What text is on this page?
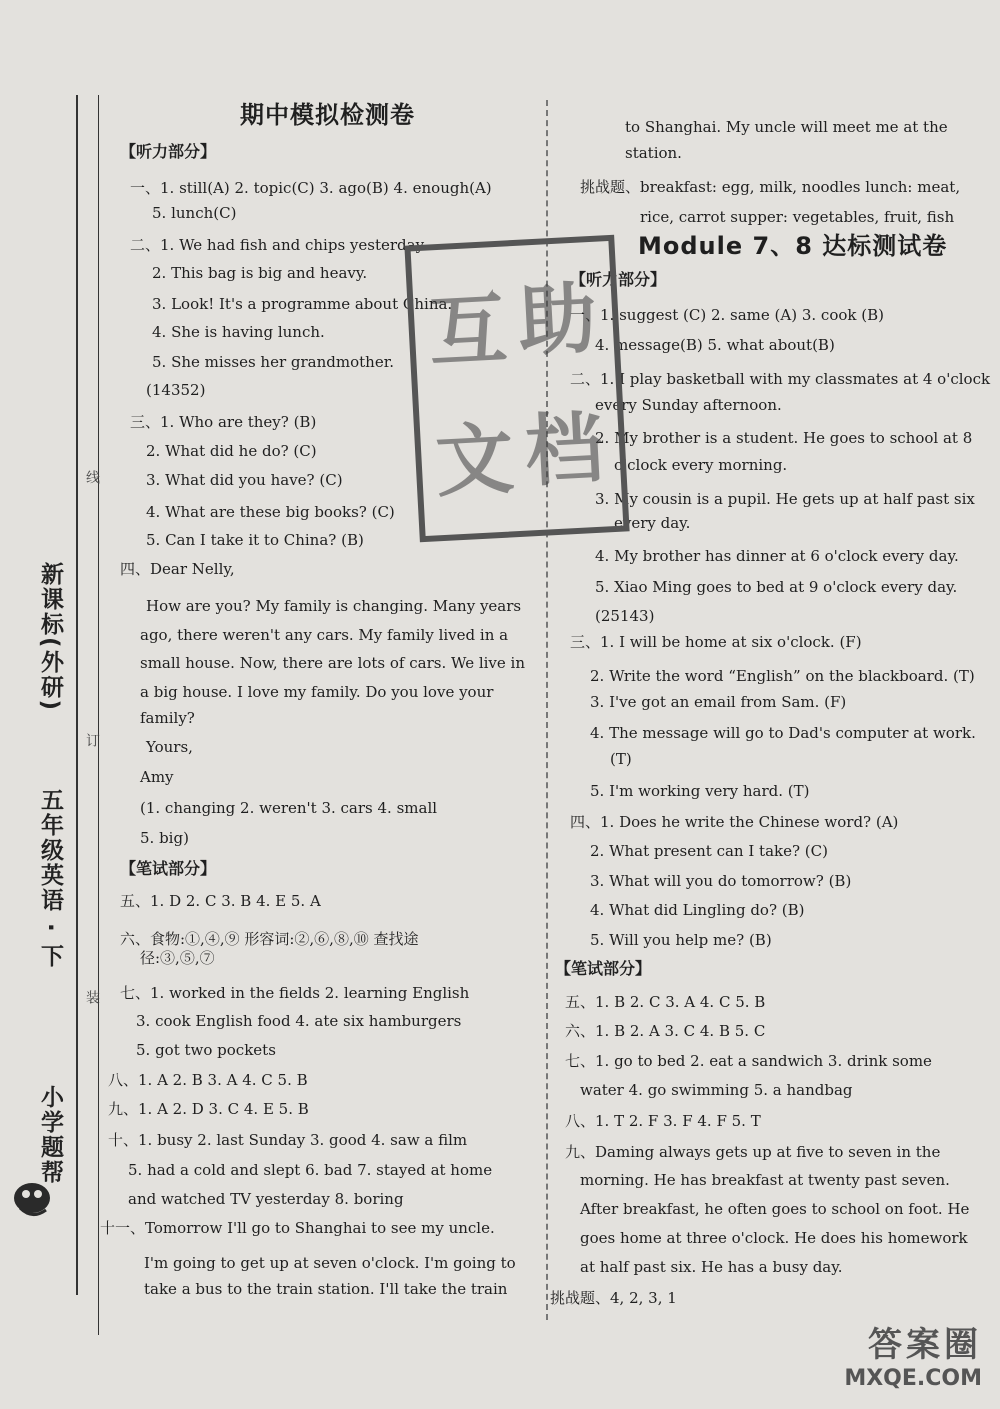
小学题帮
五年级英语 · 下
新课标(外研)
线
订
装
期中模拟检测卷
【听力部分】
一、1. still(A) 2. topic(C) 3. ago(B) 4. enough(A)
5. lunch(C)
二、1. We had fish and chips yesterday.
2. This bag is big and heavy.
3. Look! It's a programme about China.
4. She is having lunch.
5. She misses her grandmother.
(14352)
三、1. Who are they? (B)
2. What did he do? (C)
3. What did you have? (C)
4. What are these big books? (C)
5. Can I take it to China? (B)
四、Dear Nelly,
How are you? My family is changing. Many years
ago, there weren't any cars. My family lived in a
small house. Now, there are lots of cars. We live in
a big house. I love my family. Do you love your
family?
Yours,
Amy
(1. changing 2. weren't 3. cars 4. small
5. big)
【笔试部分】
五、1. D 2. C 3. B 4. E 5. A
六、食物:①,④,⑨ 形容词:②,⑥,⑧,⑩ 查找途
径:③,⑤,⑦
七、1. worked in the fields 2. learning English
3. cook English food 4. ate six hamburgers
5. got two pockets
八、1. A 2. B 3. A 4. C 5. B
九、1. A 2. D 3. C 4. E 5. B
十、1. busy 2. last Sunday 3. good 4. saw a film
5. had a cold and slept 6. bad 7. stayed at home
and watched TV yesterday 8. boring
十一、Tomorrow I'll go to Shanghai to see my uncle.
I'm going to get up at seven o'clock. I'm going to
take a bus to the train station. I'll take the train
Module 7、8 达标测试卷
to Shanghai. My uncle will meet me at the
station.
挑战题、breakfast: egg, milk, noodles lunch: meat,
rice, carrot supper: vegetables, fruit, fish
【听力部分】
一、1. suggest (C) 2. same (A) 3. cook (B)
4. message(B) 5. what about(B)
二、1. I play basketball with my classmates at 4 o'clock
every Sunday afternoon.
2. My brother is a student. He goes to school at 8
o'clock every morning.
3. My cousin is a pupil. He gets up at half past six
every day.
4. My brother has dinner at 6 o'clock every day.
5. Xiao Ming goes to bed at 9 o'clock every day.
(25143)
三、1. I will be home at six o'clock. (F)
2. Write the word “English” on the blackboard. (T)
3. I've got an email from Sam. (F)
4. The message will go to Dad's computer at work.
(T)
5. I'm working very hard. (T)
四、1. Does he write the Chinese word? (A)
2. What present can I take? (C)
3. What will you do tomorrow? (B)
4. What did Lingling do? (B)
5. Will you help me? (B)
【笔试部分】
五、1. B 2. C 3. A 4. C 5. B
六、1. B 2. A 3. C 4. B 5. C
七、1. go to bed 2. eat a sandwich 3. drink some
water 4. go swimming 5. a handbag
八、1. T 2. F 3. F 4. F 5. T
九、Daming always gets up at five to seven in the
morning. He has breakfast at twenty past seven.
After breakfast, he often goes to school on foot. He
goes home at three o'clock. He does his homework
at half past six. He has a busy day.
挑战题、4, 2, 3, 1
互 助
文 档
答案圈
MXQE.COM
